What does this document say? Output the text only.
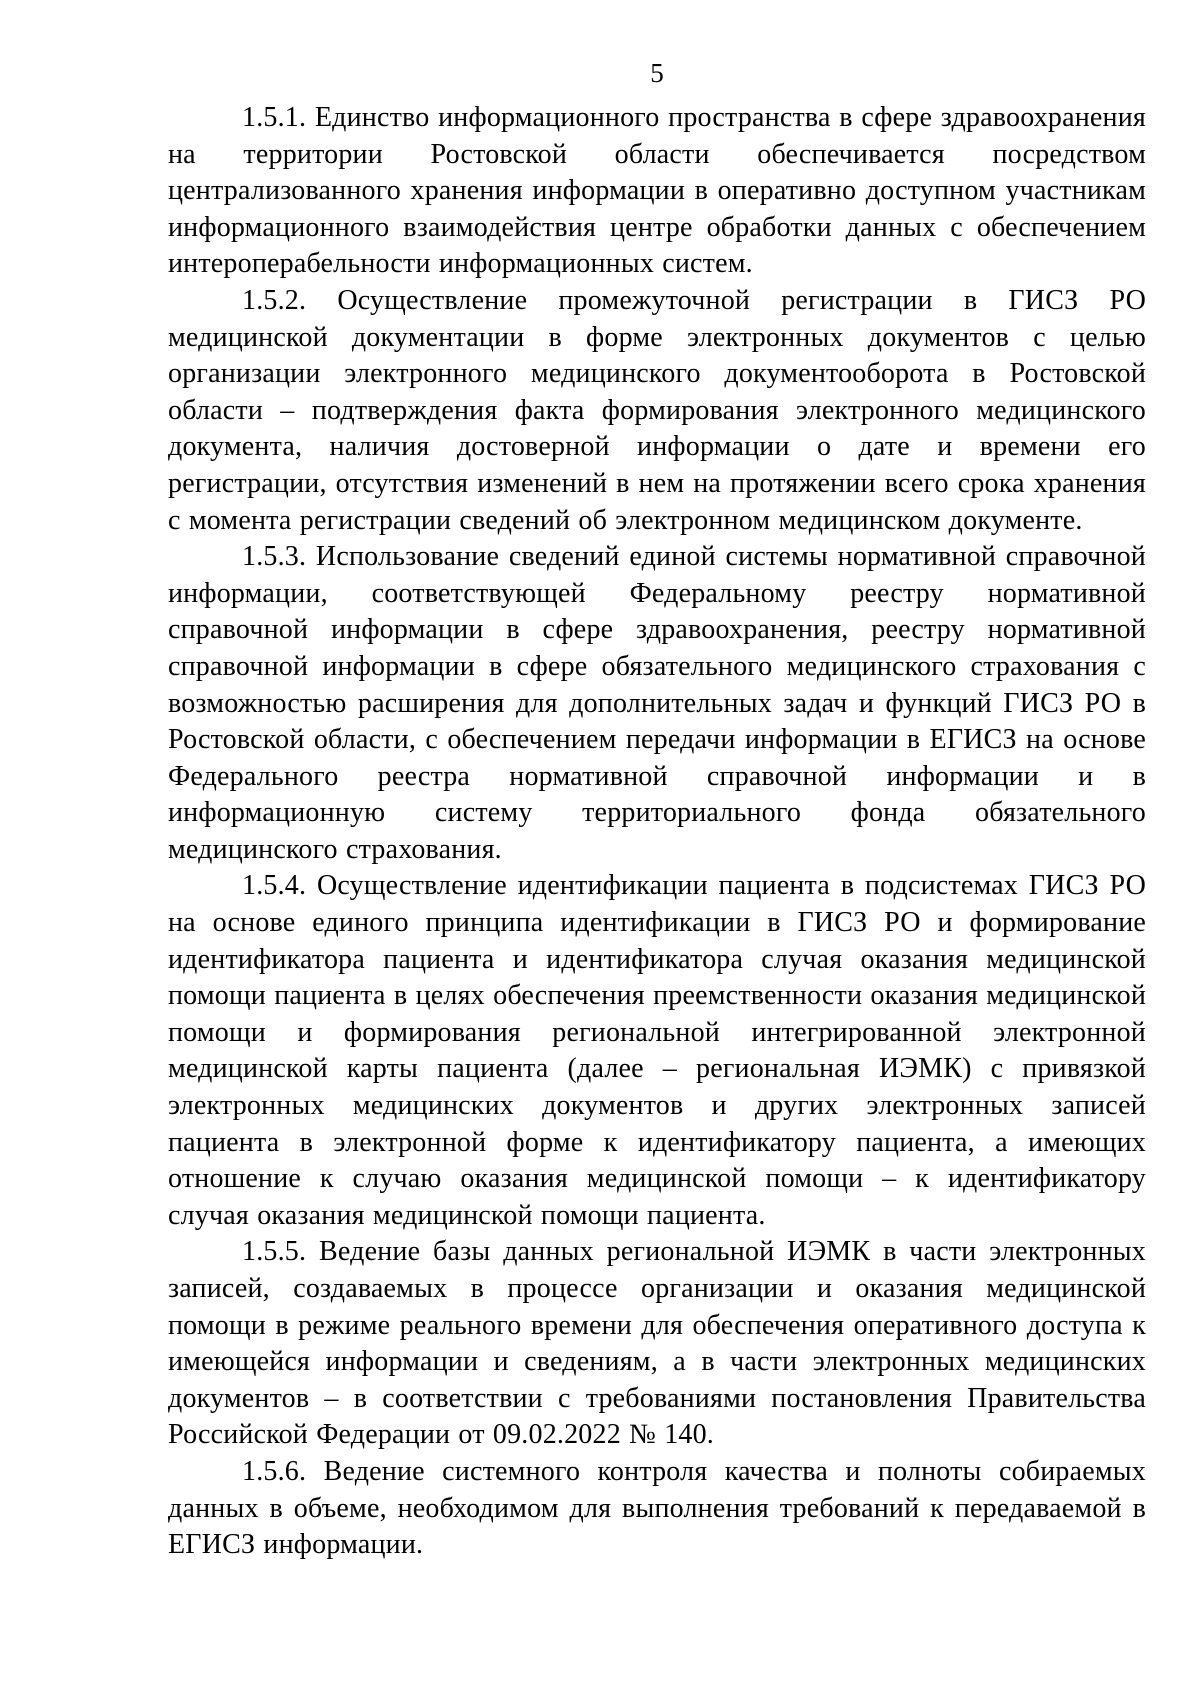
5

1.5.1. Единство информационного пространства в сфере здравоохранения на территории Ростовской области обеспечивается посредством централизованного хранения информации в оперативно доступном участникам информационного взаимодействия центре обработки данных с обеспечением интероперабельности информационных систем.

1.5.2. Осуществление промежуточной регистрации в ГИСЗ РО медицинской документации в форме электронных документов с целью организации электронного медицинского документооборота в Ростовской области – подтверждения факта формирования электронного медицинского документа, наличия достоверной информации о дате и времени его регистрации, отсутствия изменений в нем на протяжении всего срока хранения с момента регистрации сведений об электронном медицинском документе.

1.5.3. Использование сведений единой системы нормативной справочной информации, соответствующей Федеральному реестру нормативной справочной информации в сфере здравоохранения, реестру нормативной справочной информации в сфере обязательного медицинского страхования с возможностью расширения для дополнительных задач и функций ГИСЗ РО в Ростовской области, с обеспечением передачи информации в ЕГИСЗ на основе Федерального реестра нормативной справочной информации и в информационную систему территориального фонда обязательного медицинского страхования.

1.5.4. Осуществление идентификации пациента в подсистемах ГИСЗ РО на основе единого принципа идентификации в ГИСЗ РО и формирование идентификатора пациента и идентификатора случая оказания медицинской помощи пациента в целях обеспечения преемственности оказания медицинской помощи и формирования региональной интегрированной электронной медицинской карты пациента (далее – региональная ИЭМК) с привязкой электронных медицинских документов и других электронных записей пациента в электронной форме к идентификатору пациента, а имеющих отношение к случаю оказания медицинской помощи – к идентификатору случая оказания медицинской помощи пациента.

1.5.5. Ведение базы данных региональной ИЭМК в части электронных записей, создаваемых в процессе организации и оказания медицинской помощи в режиме реального времени для обеспечения оперативного доступа к имеющейся информации и сведениям, а в части электронных медицинских документов – в соответствии с требованиями постановления Правительства Российской Федерации от 09.02.2022 № 140.

1.5.6. Ведение системного контроля качества и полноты собираемых данных в объеме, необходимом для выполнения требований к передаваемой в ЕГИСЗ информации.
